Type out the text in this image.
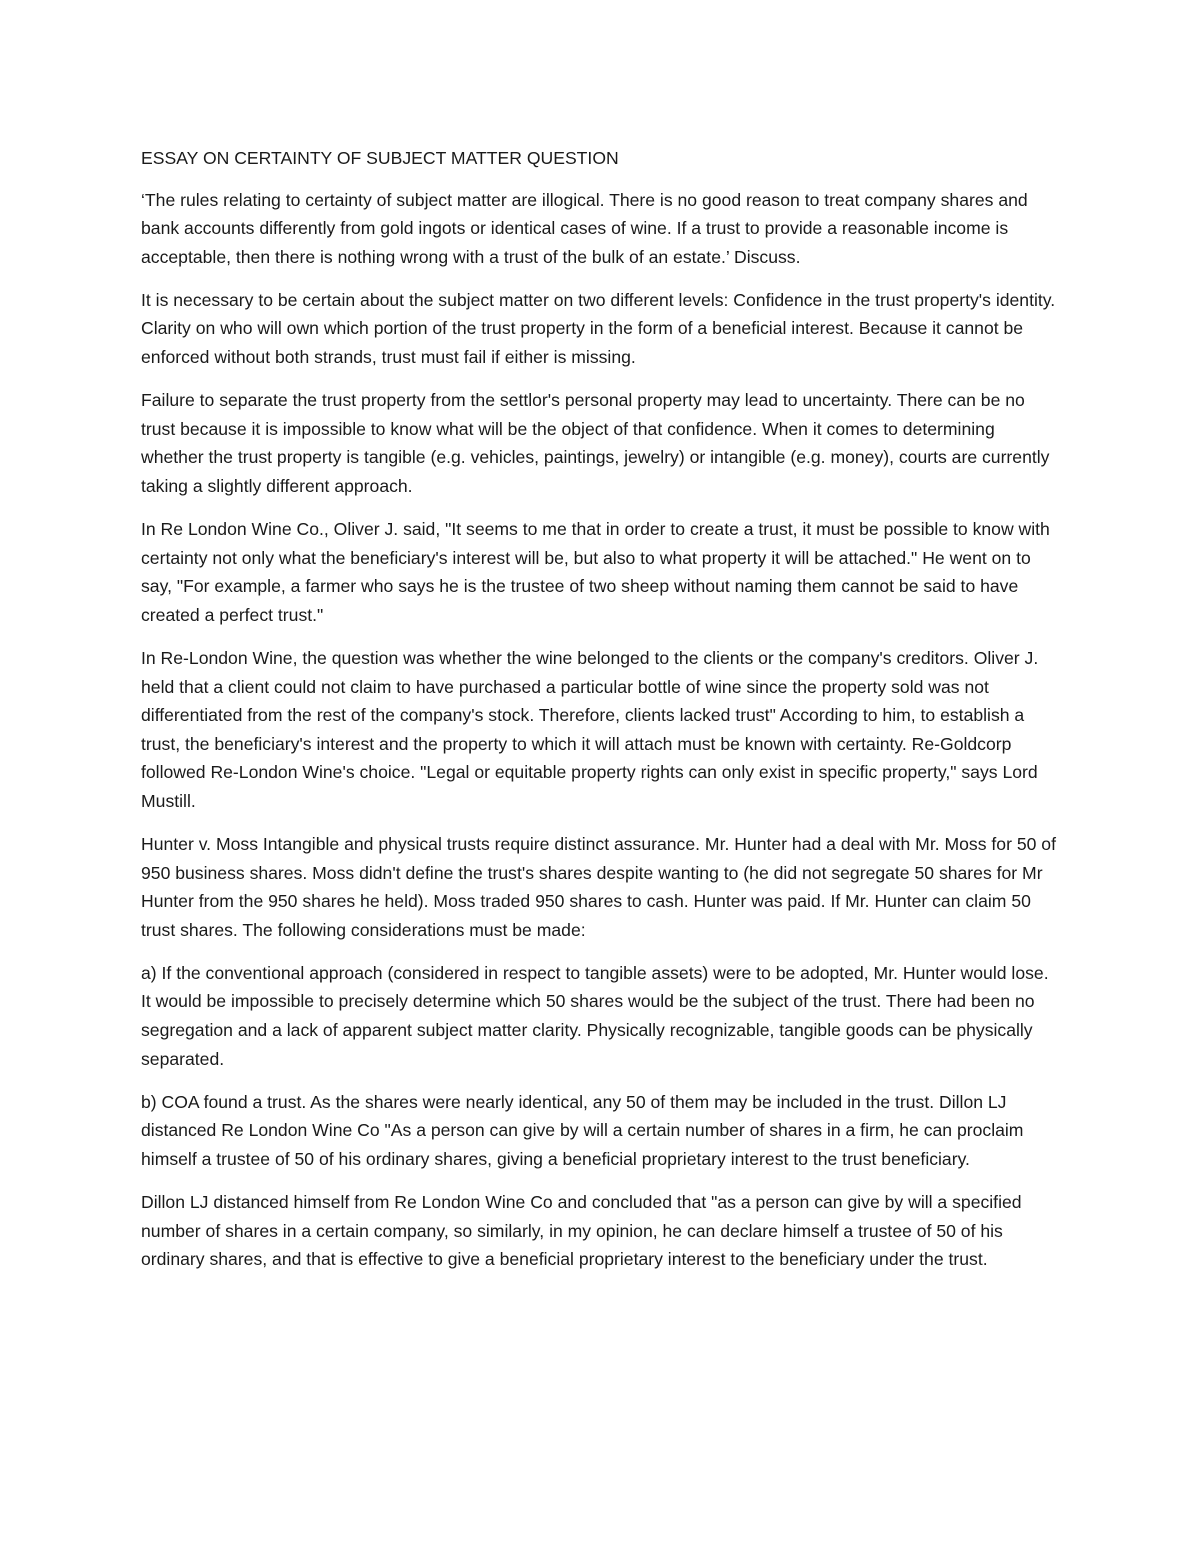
ESSAY ON CERTAINTY OF SUBJECT MATTER QUESTION

‘The rules relating to certainty of subject matter are illogical. There is no good reason to treat company shares and bank accounts differently from gold ingots or identical cases of wine. If a trust to provide a reasonable income is acceptable, then there is nothing wrong with a trust of the bulk of an estate.’ Discuss.

It is necessary to be certain about the subject matter on two different levels: Confidence in the trust property's identity. Clarity on who will own which portion of the trust property in the form of a beneficial interest. Because it cannot be enforced without both strands, trust must fail if either is missing.

Failure to separate the trust property from the settlor's personal property may lead to uncertainty. There can be no trust because it is impossible to know what will be the object of that confidence. When it comes to determining whether the trust property is tangible (e.g. vehicles, paintings, jewelry) or intangible (e.g. money), courts are currently taking a slightly different approach.

In Re London Wine Co., Oliver J. said, "It seems to me that in order to create a trust, it must be possible to know with certainty not only what the beneficiary's interest will be, but also to what property it will be attached." He went on to say, "For example, a farmer who says he is the trustee of two sheep without naming them cannot be said to have created a perfect trust."

In Re-London Wine, the question was whether the wine belonged to the clients or the company's creditors. Oliver J. held that a client could not claim to have purchased a particular bottle of wine since the property sold was not differentiated from the rest of the company's stock. Therefore, clients lacked trust" According to him, to establish a trust, the beneficiary's interest and the property to which it will attach must be known with certainty. Re-Goldcorp followed Re-London Wine's choice. "Legal or equitable property rights can only exist in specific property," says Lord Mustill.

Hunter v. Moss Intangible and physical trusts require distinct assurance. Mr. Hunter had a deal with Mr. Moss for 50 of 950 business shares. Moss didn't define the trust's shares despite wanting to (he did not segregate 50 shares for Mr Hunter from the 950 shares he held). Moss traded 950 shares to cash. Hunter was paid. If Mr. Hunter can claim 50 trust shares. The following considerations must be made:

a) If the conventional approach (considered in respect to tangible assets) were to be adopted, Mr. Hunter would lose. It would be impossible to precisely determine which 50 shares would be the subject of the trust. There had been no segregation and a lack of apparent subject matter clarity. Physically recognizable, tangible goods can be physically separated.

b) COA found a trust. As the shares were nearly identical, any 50 of them may be included in the trust. Dillon LJ distanced Re London Wine Co "As a person can give by will a certain number of shares in a firm, he can proclaim himself a trustee of 50 of his ordinary shares, giving a beneficial proprietary interest to the trust beneficiary.

Dillon LJ distanced himself from Re London Wine Co and concluded that "as a person can give by will a specified number of shares in a certain company, so similarly, in my opinion, he can declare himself a trustee of 50 of his ordinary shares, and that is effective to give a beneficial proprietary interest to the beneficiary under the trust.
